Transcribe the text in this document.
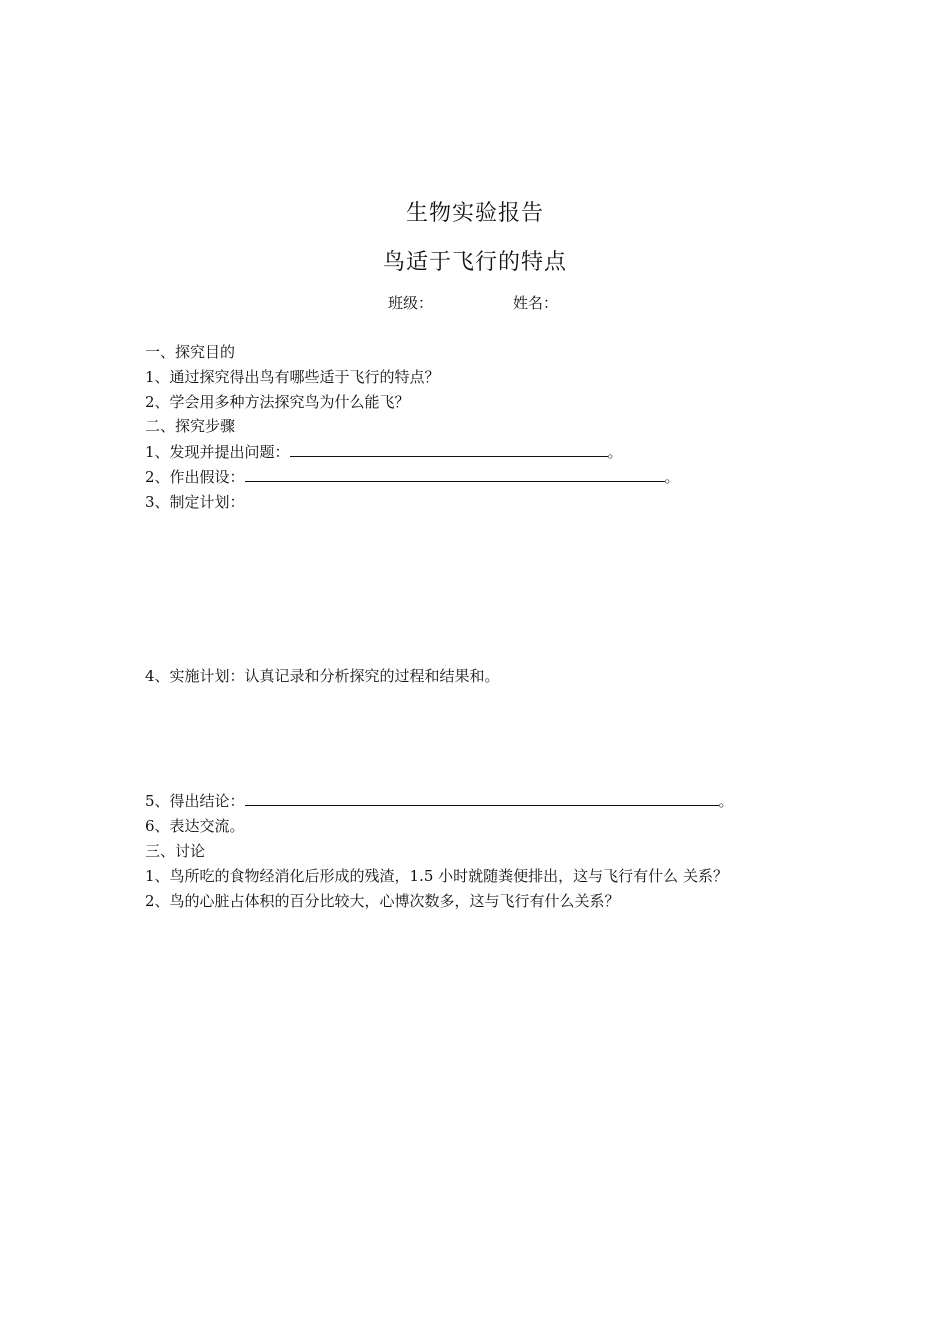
生物实验报告
鸟适于飞行的特点
班级：	姓名：
一、探究目的
1、通过探究得出鸟有哪些适于飞行的特点？
2、学会用多种方法探究鸟为什么能飞？
二、探究步骤
1、发现并提出问题：	。
2、作出假设：	。
3、制定计划：
4、实施计划：认真记录和分析探究的过程和结果和。
5、得出结论：	。
6、表达交流。
三、讨论
1、鸟所吃的食物经消化后形成的残渣，1.5 小时就随粪便排出，这与飞行有什么 关系？
2、鸟的心脏占体积的百分比较大，心博次数多，这与飞行有什么关系？
